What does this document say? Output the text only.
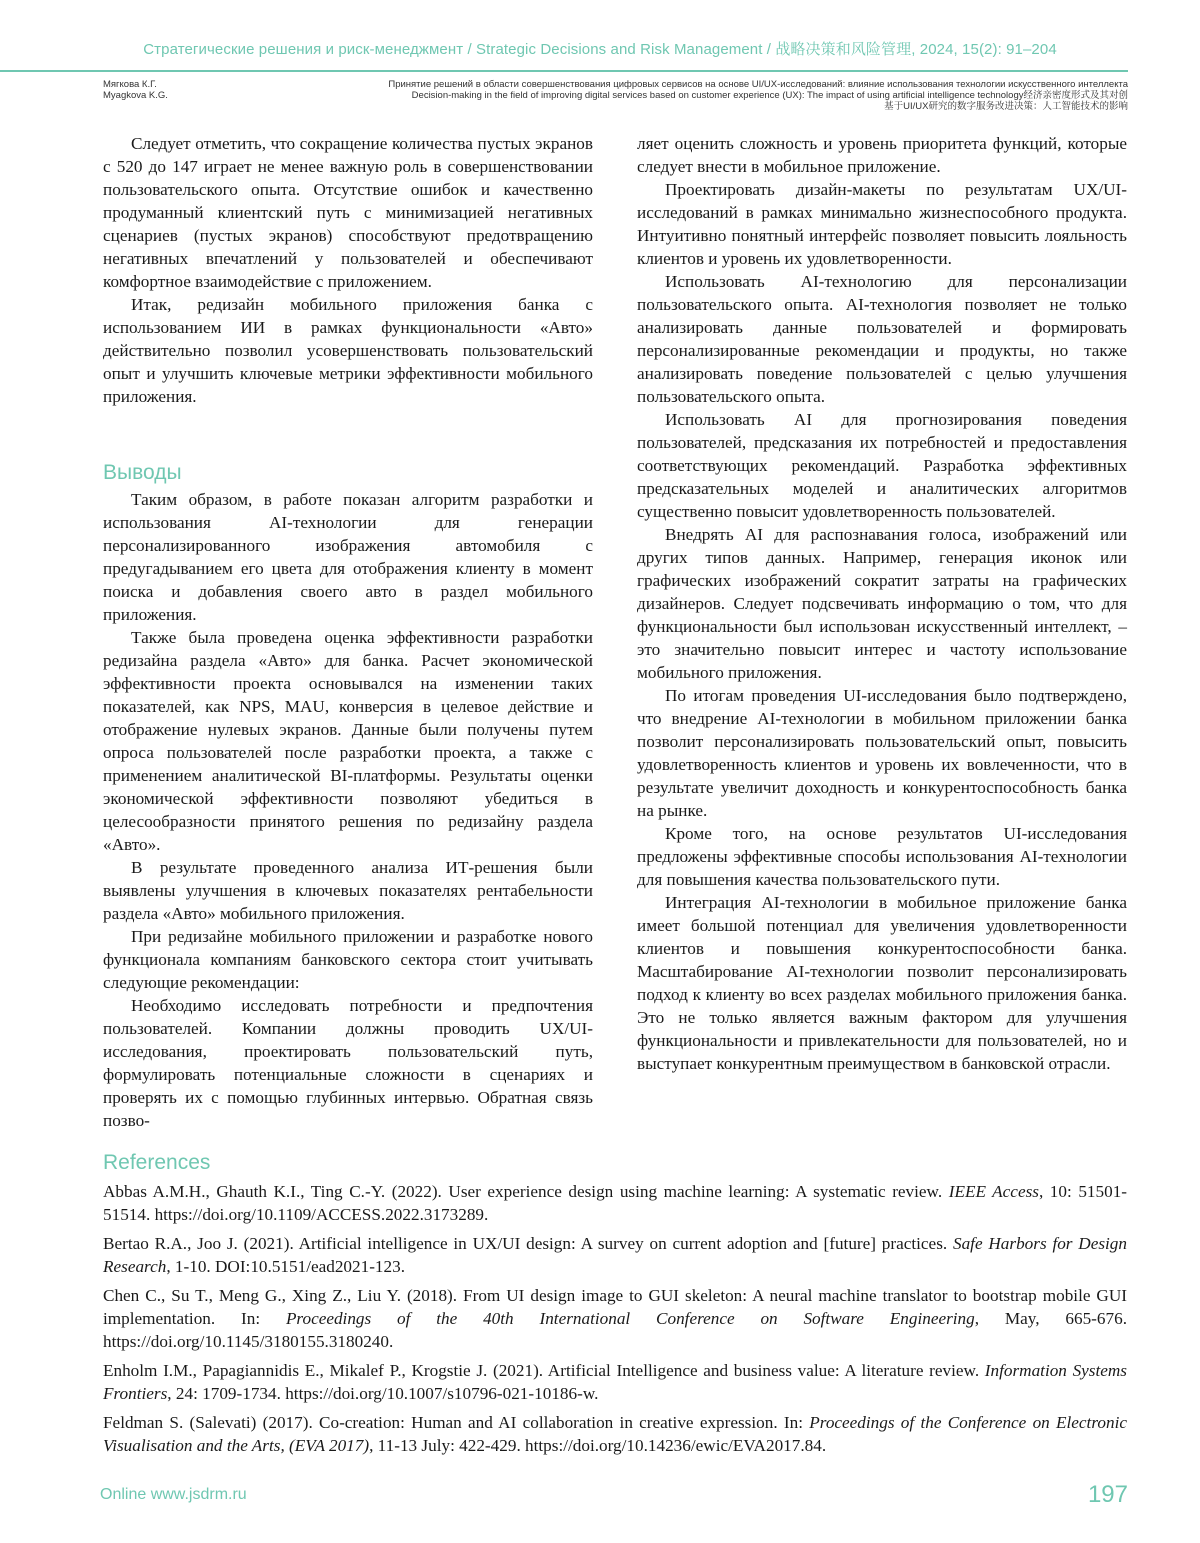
Стратегические решения и риск-менеджмент / Strategic Decisions and Risk Management / 战略决策和风险管理, 2024, 15(2): 91–204
Мягкова К.Г.
Myagkova K.G.
Принятие решений в области совершенствования цифровых сервисов на основе UI/UX-исследований: влияние использования технологии искусственного интеллекта
Decision-making in the field of improving digital services based on customer experience (UX): The impact of using artificial intelligence technology经济亲密度形式及其对创
基于UI/UX研究的数字服务改进决策：人工智能技术的影响

Следует отметить, что сокращение количества пустых экранов с 520 до 147 играет не менее важную роль в совершенствовании пользовательского опыта. Отсутствие ошибок и качественно продуманный клиентский путь с минимизацией негативных сценариев (пустых экранов) способствуют предотвращению негативных впечатлений у пользователей и обеспечивают комфортное взаимодействие с приложением.

Итак, редизайн мобильного приложения банка с использованием ИИ в рамках функциональности «Авто» действительно позволил усовершенствовать пользовательский опыт и улучшить ключевые метрики эффективности мобильного приложения.

Выводы

Таким образом, в работе показан алгоритм разработки и использования AI-технологии для генерации персонализированного изображения автомобиля с предугадыванием его цвета для отображения клиенту в момент поиска и добавления своего авто в раздел мобильного приложения.

Также была проведена оценка эффективности разработки редизайна раздела «Авто» для банка. Расчет экономической эффективности проекта основывался на изменении таких показателей, как NPS, MAU, конверсия в целевое действие и отображение нулевых экранов. Данные были получены путем опроса пользователей после разработки проекта, а также с применением аналитической BI-платформы. Результаты оценки экономической эффективности позволяют убедиться в целесообразности принятого решения по редизайну раздела «Авто».

В результате проведенного анализа ИТ-решения были выявлены улучшения в ключевых показателях рентабельности раздела «Авто» мобильного приложения.

При редизайне мобильного приложении и разработке нового функционала компаниям банковского сектора стоит учитывать следующие рекомендации:

Необходимо исследовать потребности и предпочтения пользователей. Компании должны проводить UX/UI-исследования, проектировать пользовательский путь, формулировать потенциальные сложности в сценариях и проверять их с помощью глубинных интервью. Обратная связь позво-

ляет оценить сложность и уровень приоритета функций, которые следует внести в мобильное приложение.

Проектировать дизайн-макеты по результатам UX/UI-исследований в рамках минимально жизнеспособного продукта. Интуитивно понятный интерфейс позволяет повысить лояльность клиентов и уровень их удовлетворенности.

Использовать AI-технологию для персонализации пользовательского опыта. AI-технология позволяет не только анализировать данные пользователей и формировать персонализированные рекомендации и продукты, но также анализировать поведение пользователей с целью улучшения пользовательского опыта.

Использовать AI для прогнозирования поведения пользователей, предсказания их потребностей и предоставления соответствующих рекомендаций. Разработка эффективных предсказательных моделей и аналитических алгоритмов существенно повысит удовлетворенность пользователей.

Внедрять AI для распознавания голоса, изображений или других типов данных. Например, генерация иконок или графических изображений сократит затраты на графических дизайнеров. Следует подсвечивать информацию о том, что для функциональности был использован искусственный интеллект, – это значительно повысит интерес и частоту использование мобильного приложения.

По итогам проведения UI-исследования было подтверждено, что внедрение AI-технологии в мобильном приложении банка позволит персонализировать пользовательский опыт, повысить удовлетворенность клиентов и уровень их вовлеченности, что в результате увеличит доходность и конкурентоспособность банка на рынке.

Кроме того, на основе результатов UI-исследования предложены эффективные способы использования AI-технологии для повышения качества пользовательского пути.

Интеграция AI-технологии в мобильное приложение банка имеет большой потенциал для увеличения удовлетворенности клиентов и повышения конкурентоспособности банка. Масштабирование AI-технологии позволит персонализировать подход к клиенту во всех разделах мобильного приложения банка. Это не только является важным фактором для улучшения функциональности и привлекательности для пользователей, но и выступает конкурентным преимуществом в банковской отрасли.

References
Abbas A.M.H., Ghauth K.I., Ting C.-Y. (2022). User experience design using machine learning: A systematic review. IEEE Access, 10: 51501-51514. https://doi.org/10.1109/ACCESS.2022.3173289.
Bertao R.A., Joo J. (2021). Artificial intelligence in UX/UI design: A survey on current adoption and [future] practices. Safe Harbors for Design Research, 1-10. DOI:10.5151/ead2021-123.
Chen C., Su T., Meng G., Xing Z., Liu Y. (2018). From UI design image to GUI skeleton: A neural machine translator to bootstrap mobile GUI implementation. In: Proceedings of the 40th International Conference on Software Engineering, May, 665-676. https://doi.org/10.1145/3180155.3180240.
Enholm I.M., Papagiannidis E., Mikalef P., Krogstie J. (2021). Artificial Intelligence and business value: A literature review. Information Systems Frontiers, 24: 1709-1734. https://doi.org/10.1007/s10796-021-10186-w.
Feldman S. (Salevati) (2017). Co-creation: Human and AI collaboration in creative expression. In: Proceedings of the Conference on Electronic Visualisation and the Arts, (EVA 2017), 11-13 July: 422-429. https://doi.org/10.14236/ewic/EVA2017.84.
Online www.jsdrm.ru	197
